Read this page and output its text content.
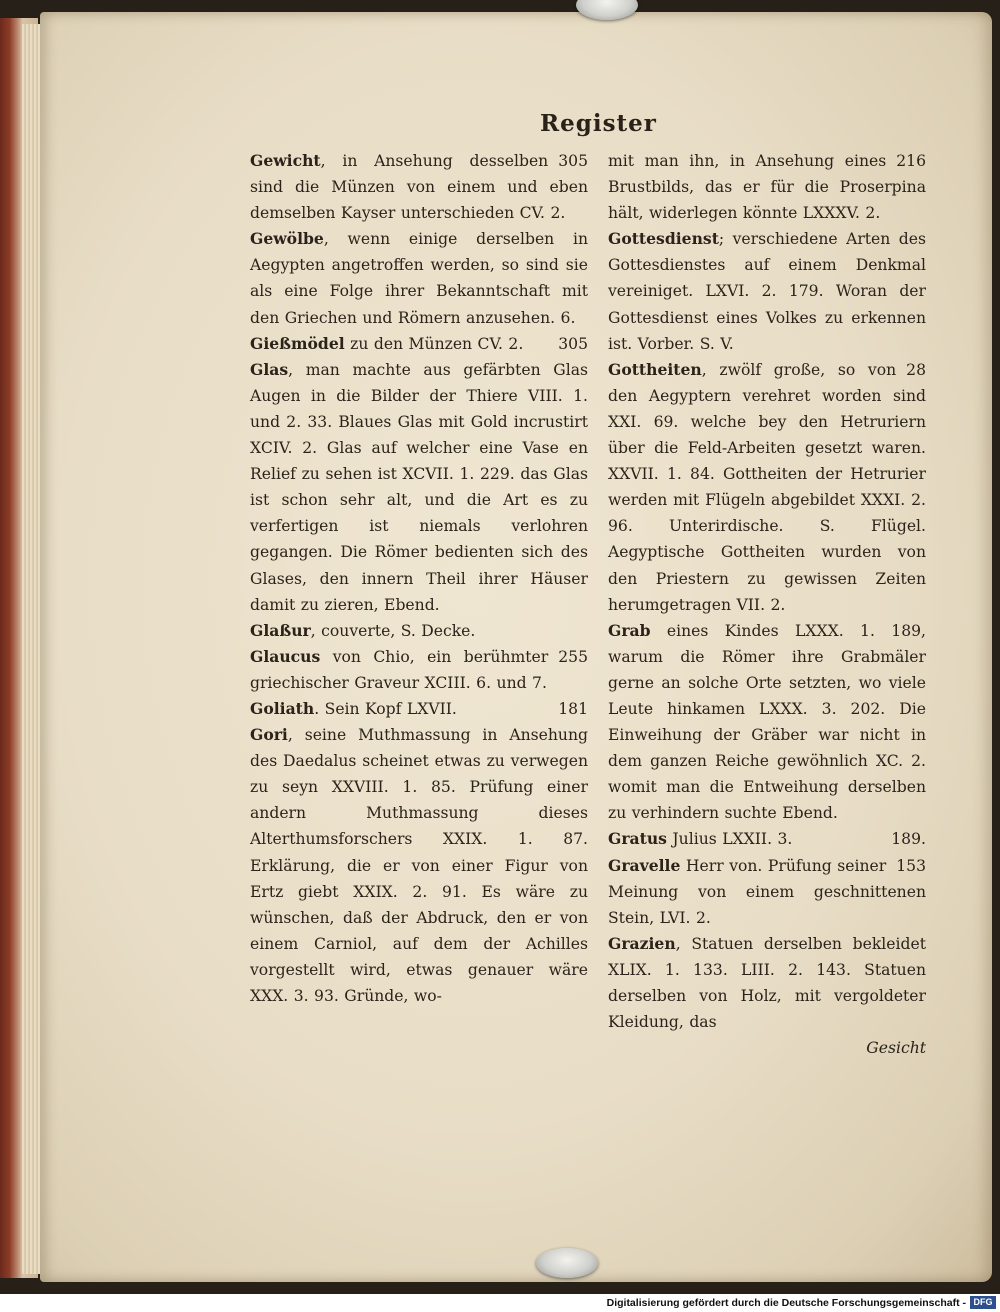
Register
305
Gewicht, in Ansehung desselben sind die Münzen von einem und eben demselben Kayser unterschieden CV. 2.
Gewölbe, wenn einige derselben in Aegypten angetroffen werden, so sind sie als eine Folge ihrer Bekanntschaft mit den Griechen und Römern anzusehen. 6.
305
Gießmödel zu den Münzen CV. 2.
Glas, man machte aus gefärbten Glas Augen in die Bilder der Thiere VIII. 1. und 2. 33. Blaues Glas mit Gold incrustirt XCIV. 2. Glas auf welcher eine Vase en Relief zu sehen ist XCVII. 1. 229. das Glas ist schon sehr alt, und die Art es zu verfertigen ist niemals verlohren gegangen. Die Römer bedienten sich des Glases, den innern Theil ihrer Häuser damit zu zieren, Ebend.
Glaßur, couverte, S. Decke.
255
Glaucus von Chio, ein berühmter griechischer Graveur XCIII. 6. und 7.
181
Goliath. Sein Kopf LXVII.
Gori, seine Muthmassung in Ansehung des Daedalus scheinet etwas zu verwegen zu seyn XXVIII. 1. 85. Prüfung einer andern Muthmassung dieses Alterthumsforschers XXIX. 1. 87. Erklärung, die er von einer Figur von Ertz giebt XXIX. 2. 91. Es wäre zu wünschen, daß der Abdruck, den er von einem Carniol, auf dem der Achilles vorgestellt wird, etwas genauer wäre XXX. 3. 93. Gründe, wo-
216
mit man ihn, in Ansehung eines Brustbilds, das er für die Proserpina hält, widerlegen könnte LXXXV. 2.
Gottesdienst; verschiedene Arten des Gottesdienstes auf einem Denkmal vereiniget. LXVI. 2. 179. Woran der Gottesdienst eines Volkes zu erkennen ist. Vorber. S. V.
28
Gottheiten, zwölf große, so von den Aegyptern verehret worden sind XXI. 69. welche bey den Hetruriern über die Feld-Arbeiten gesetzt waren. XXVII. 1. 84. Gottheiten der Hetrurier werden mit Flügeln abgebildet XXXI. 2. 96. Unterirdische. S. Flügel. Aegyptische Gottheiten wurden von den Priestern zu gewissen Zeiten herumgetragen VII. 2.
Grab eines Kindes LXXX. 1. 189, warum die Römer ihre Grabmäler gerne an solche Orte setzten, wo viele Leute hinkamen LXXX. 3. 202. Die Einweihung der Gräber war nicht in dem ganzen Reiche gewöhnlich XC. 2. womit man die Entweihung derselben zu verhindern suchte Ebend.
189.
Gratus Julius LXXII. 3.
153
Gravelle Herr von. Prüfung seiner Meinung von einem geschnittenen Stein, LVI. 2.
Grazien, Statuen derselben bekleidet XLIX. 1. 133. LIII. 2. 143. Statuen derselben von Holz, mit vergoldeter Kleidung, das
Gesicht
Digitalisierung gefördert durch die Deutsche Forschungsgemeinschaft - DFG
